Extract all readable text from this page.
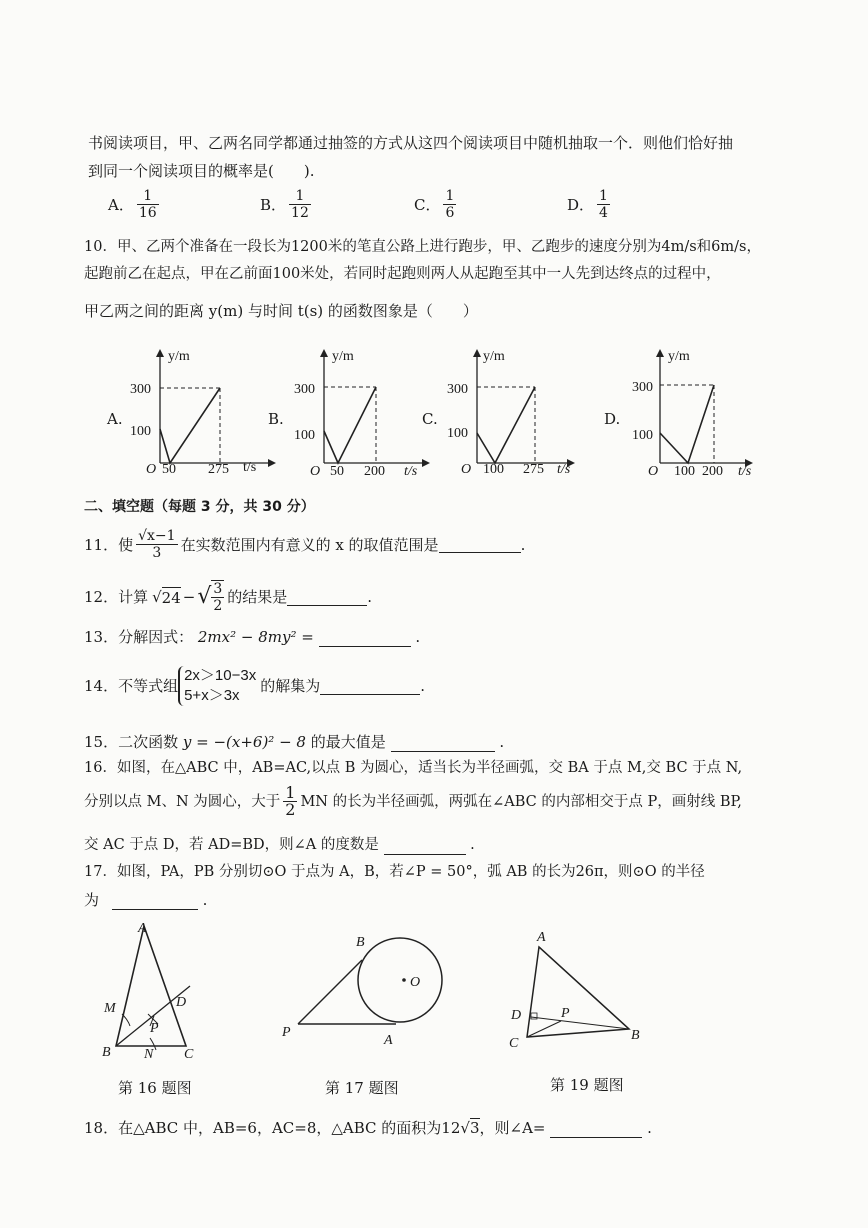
书阅读项目，甲、乙两名同学都通过抽签的方式从这四个阅读项目中随机抽取一个．则他们恰好抽
到同一个阅读项目的概率是(　　).
A． $\frac{1}{16}$	B． $\frac{1}{12}$	C． $\frac{1}{6}$	D． $\frac{1}{4}$
10．甲、乙两个准备在一段长为1200米的笔直公路上进行跑步，甲、乙跑步的速度分别为4m/s和6m/s，
起跑前乙在起点，甲在乙前面100米处，若同时起跑则两人从起跑至其中一人先到达终点的过程中，
甲乙两之间的距离 y(m) 与时间 t(s) 的函数图象是（　　）
A.
y/m
300
100
O 50 275 t/s
B.
y/m
300
100
O 50 200 t/s
C.
y/m
300
100
O 100 275 t/s
D.
y/m
300
100
O 100 200 t/s
二、填空题（每题 3 分，共 30 分）
11．使 $\frac{√x-1}{3}$ 在实数范围内有意义的 x 的取值范围是	.
12．计算 √ 24 − √ $\frac{3}{2}$ 的结果是	.
13．分解因式： 2mx² − 8my² =	.
14．不等式组
2x＞10−3x
5+x＞3x
的解集为	.
15．二次函数 y = −(x+6)² − 8 的最大值是	.
16．如图，在△ABC 中，AB=AC,以点 B 为圆心，适当长为半径画弧，交 BA 于点 M,交 BC 于点 N,
分别以点 M、N 为圆心，大于 $\frac{1}{2}$ MN 的长为半径画弧，两弧在∠ABC 的内部相交于点 P，画射线 BP,
交 AC 于点 D，若 AD=BD，则∠A 的度数是	.
17．如图，PA，PB 分别切⊙O 于点为 A，B，若∠P = 50°，弧 AB 的长为26π，则⊙O 的半径
为	.
A
M	D
P
B N C
第 16 题图
B
O
P
A
第 17 题图
A
D	P
C
B
第 19 题图
18．在△ABC 中，AB=6，AC=8，△ABC 的面积为12√3，则∠A=	.
